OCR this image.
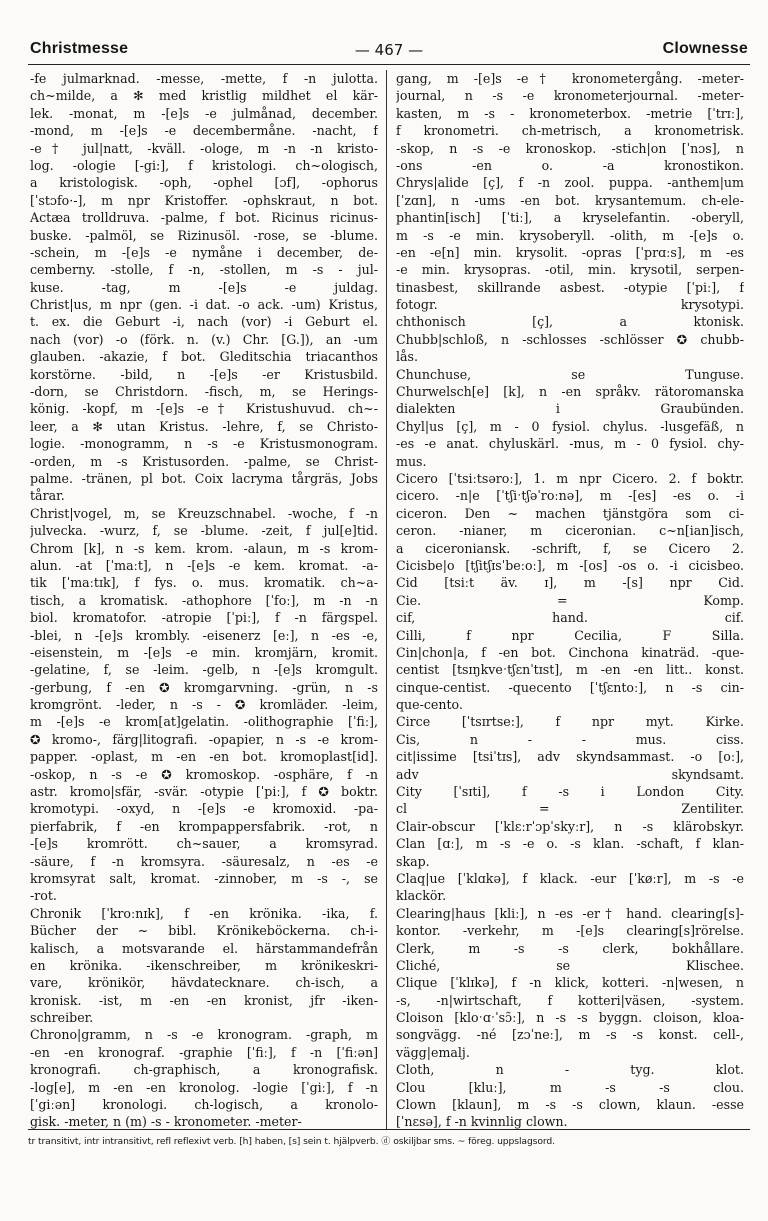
Christmesse	— 467 —	Clownesse
-fe julmarknad. -messe, -mette, f -n julotta.
ch~milde, a ✻ med kristlig mildhet el kär-
lek. -monat, m -[e]s -e julmånad, december.
-mond, m -[e]s -e decembermåne. -nacht, f
-e† jul|natt, -kväll. -ologe, m -n -n kristo-
log. -ologie [-gi:], f kristologi. ch~ologisch,
a kristologisk. -oph, -ophel [ɔf], -ophorus
[ˈstɔfo·-], m npr Kristoffer. -ophskraut, n bot.
Actæa trolldruva. -palme, f bot. Ricinus ricinus-
buske. -palmöl, se Rizinusöl. -rose, se -blume.
-schein, m -[e]s -e nymåne i december, de-
cemberny. -stolle, f -n, -stollen, m -s - jul-
kuse. -tag, m -[e]s -e juldag.
Christ|us, m npr (gen. -i dat. -o ack. -um) Kristus,
t. ex. die Geburt -i, nach (vor) -i Geburt el.
nach (vor) -o (förk. n. (v.) Chr. [G.]), an -um
glauben. -akazie, f bot. Gleditschia triacanthos
korstörne. -bild, n -[e]s -er Kristusbild.
-dorn, se Christdorn. -fisch, m, se Herings-
könig. -kopf, m -[e]s -e† Kristushuvud. ch~-
leer, a ✻ utan Kristus. -lehre, f, se Christo-
logie. -monogramm, n -s -e Kristusmonogram.
-orden, m -s Kristusorden. -palme, se Christ-
palme. -tränen, pl bot. Coix lacryma tårgräs, Jobs
tårar.
Christ|vogel, m, se Kreuzschnabel. -woche, f -n
julvecka. -wurz, f, se -blume. -zeit, f jul[e]tid.
Chrom [k], n -s kem. krom. -alaun, m -s krom-
alun. -at [ˈmaːt], n -[e]s -e kem. kromat. -a-
tik [ˈmaːtɪk], f fys. o. mus. kromatik. ch~a-
tisch, a kromatisk. -athophore [ˈfoː], m -n -n
biol. kromatofor. -atropie [ˈpiː], f -n färgspel.
-blei, n -[e]s krombly. -eisenerz [eː], n -es -e,
-eisenstein, m -[e]s -e min. kromjärn, kromit.
-gelatine, f, se -leim. -gelb, n -[e]s kromgult.
-gerbung, f -en ✪ kromgarvning. -grün, n -s
kromgrönt. -leder, n -s - ✪ kromläder. -leim,
m -[e]s -e krom[at]gelatin. -olithographie [ˈfiː],
✪ kromo-, färg|litografi. -opapier, n -s -e krom-
papper. -oplast, m -en -en bot. kromoplast[id].
-oskop, n -s -e ✪ kromoskop. -osphäre, f -n
astr. kromo|sfär, -svär. -otypie [ˈpiː], f ✪ boktr.
kromotypi. -oxyd, n -[e]s -e kromoxid. -pa-
pierfabrik, f -en krompappersfabrik. -rot, n
-[e]s kromrött. ch~sauer, a kromsyrad.
-säure, f -n kromsyra. -säuresalz, n -es -e
kromsyrat salt, kromat. -zinnober, m -s -, se
-rot.
Chronik [ˈkroːnɪk], f -en krönika. -ika, f.
Bücher der ~ bibl. Krönikeböckerna. ch-i-
kalisch, a motsvarande el. härstammandefrån
en krönika. -ikenschreiber, m krönikeskri-
vare, krönikör, hävdatecknare. ch-isch, a
kronisk. -ist, m -en -en kronist, jfr -iken-
schreiber.
Chrono|gramm, n -s -e kronogram. -graph, m
-en -en kronograf. -graphie [ˈfiː], f -n [ˈfiːən]
kronografi. ch-graphisch, a kronografisk.
-log[e], m -en -en kronolog. -logie [ˈgiː], f -n
[ˈgiːən] kronologi. ch-logisch, a kronolo-
gisk. -meter, n (m) -s - kronometer. -meter-
gang, m -[e]s -e† kronometergång. -meter-
journal, n -s -e kronometerjournal. -meter-
kasten, m -s - kronometerbox. -metrie [ˈtrɪː],
f kronometri. ch-metrisch, a kronometrisk.
-skop, n -s -e kronoskop. -stich|on [ˈnɔs], n
-ons -en o. -a kronostikon.
Chrys|alide [ç], f -n zool. puppa. -anthem|um
[ˈzɑn], n -ums -en bot. krysantemum. ch-ele-
phantin[isch] [ˈtiː], a kryselefantin. -oberyll,
m -s -e min. krysoberyll. -olith, m -[e]s o.
-en -e[n] min. krysolit. -opras [ˈprɑːs], m -es
-e min. krysopras. -otil, min. krysotil, serpen-
tinasbest, skillrande asbest. -otypie [ˈpiː], f
fotogr. krysotypi.
chthonisch [ç], a ktonisk.
Chubb|schloß, n -schlosses -schlösser ✪ chubb-
lås.
Chunchuse, se Tunguse.
Churwelsch[e] [k], n -en språkv. rätoromanska
dialekten i Graubünden.
Chyl|us [ç], m - 0 fysiol. chylus. -lusgefäß, n
-es -e anat. chyluskärl. -mus, m - 0 fysiol. chy-
mus.
Cicero [ˈtsiːtsəroː], 1. m npr Cicero. 2. f boktr.
cicero. -n|e [ˈtʃiˑtʃəˈroːnə], m -[es] -es o. -i
ciceron. Den ~ machen tjänstgöra som ci-
ceron. -nianer, m ciceronian. c~n[ian]isch,
a ciceroniansk. -schrift, f, se Cicero 2.
Cicisbe|o [tʃitʃɪsˈbeːoː], m -[os] -os o. -i cicisbeo.
Cid [tsiːt äv. ɪ], m -[s] npr Cid.
Cie. = Komp.
cif, hand. cif.
Cilli, f npr Cecilia, F Silla.
Cin|chon|a, f -en bot. Cinchona kinaträd. -que-
centist [tsɪŋkveˑtʃɛnˈtɪst], m -en -en litt.. konst.
cinque-centist. -quecento [ˈtʃɛntoː], n -s cin-
que-cento.
Circe [ˈtsɪrtse:], f npr myt. Kirke.
Cis, n - - mus. ciss.
cit|issime [tsiˈtɪs], adv skyndsammast. -o [oː],
adv skyndsamt.
City [ˈsɪti], f -s i London City.
cl = Zentiliter.
Clair-obscur [ˈklɛːrˈɔpˈskyːr], n -s klärobskyr.
Clan [ɑː], m -s -e o. -s klan. -schaft, f klan-
skap.
Claq|ue [ˈklɑkə], f klack. -eur [ˈkøːr], m -s -e
klackör.
Clearing|haus [kliː], n -es -er† hand. clearing[s]-
kontor. -verkehr, m -[e]s clearing[s]rörelse.
Clerk, m -s -s clerk, bokhållare.
Cliché, se Klischee.
Clique [ˈklɪkə], f -n klick, kotteri. -n|wesen, n
-s, -n|wirtschaft, f kotteri|väsen, -system.
Cloison [kloˑɑˑˈsɔ̃ː], n -s -s byggn. cloison, kloa-
songvägg. -né [zɔˈneː], m -s -s konst. cell-,
vägg|emalj.
Cloth, n - tyg. klot.
Clou [kluː], m -s -s clou.
Clown [klaun], m -s -s clown, klaun. -esse
[ˈnɛsə], f -n kvinnlig clown.
tr transitivt, intr intransitivt, refl reflexivt verb. [h] haben, [s] sein t. hjälpverb. ⓓ oskiljbar sms. ~ föreg. uppslagsord.
